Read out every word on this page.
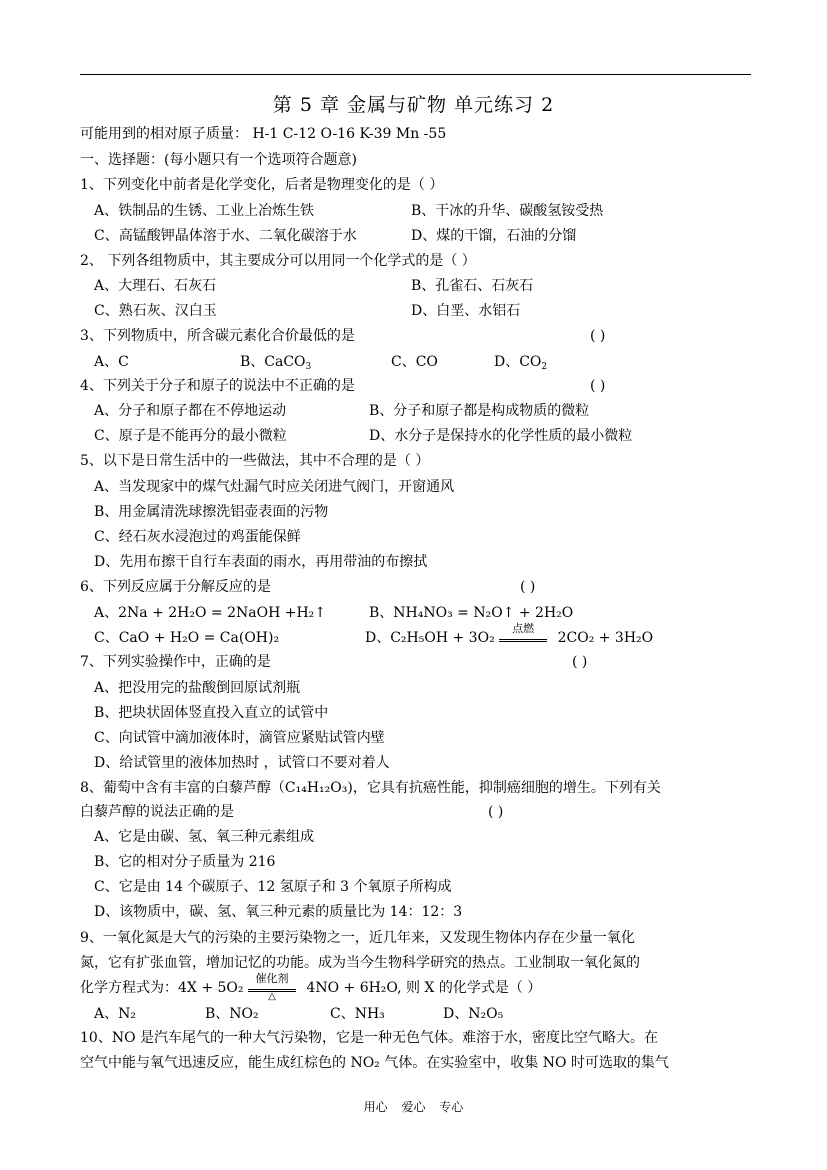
第 5 章 金属与矿物 单元练习 2
可能用到的相对原子质量： H-1 C-12 O-16 K-39 Mn -55
一、选择题：(每小题只有一个选项符合题意)
1、下列变化中前者是化学变化，后者是物理变化的是（ ）
A、铁制品的生锈、工业上冶炼生铁	B、干冰的升华、碳酸氢铵受热
C、高锰酸钾晶体溶于水、二氧化碳溶于水	D、煤的干馏，石油的分馏
2、 下列各组物质中，其主要成分可以用同一个化学式的是（ ）
A、大理石、石灰石	B、孔雀石、石灰石
C、熟石灰、汉白玉	D、白垩、水铝石
3、下列物质中，所含碳元素化合价最低的是	( )
A、C	B、CaCO$_3$	C、CO	D、$CO_2$
4、下列关于分子和原子的说法中不正确的是	( )
A、分子和原子都在不停地运动	B、分子和原子都是构成物质的微粒
C、原子是不能再分的最小微粒	D、水分子是保持水的化学性质的最小微粒
5、以下是日常生活中的一些做法，其中不合理的是（ ）
A、当发现家中的煤气灶漏气时应关闭进气阀门，开窗通风
B、用金属清洗球擦洗铝壶表面的污物
C、经石灰水浸泡过的鸡蛋能保鲜
D、先用布擦干自行车表面的雨水，再用带油的布擦拭
6、下列反应属于分解反应的是	( )
A、2Na + 2H₂O = 2NaOH +H₂↑	B、NH₄NO₃ = N₂O↑ + 2H₂O
C、CaO + H₂O = Ca(OH)₂	D、C₂H₅OH + 3O₂
点燃
2CO₂ + 3H₂O
7、下列实验操作中，正确的是	( )
A、把没用完的盐酸倒回原试剂瓶
B、把块状固体竖直投入直立的试管中
C、向试管中滴加液体时，滴管应紧贴试管内壁
D、给试管里的液体加热时 ，试管口不要对着人
8、葡萄中含有丰富的白藜芦醇（C₁₄H₁₂O₃)，它具有抗癌性能，抑制癌细胞的增生。下列有关
白藜芦醇的说法正确的是	( )
A、它是由碳、氢、氧三种元素组成
B、它的相对分子质量为 216
C、它是由 14 个碳原子、12 氢原子和 3 个氧原子所构成
D、该物质中，碳、氢、氧三种元素的质量比为 14：12：3
9、一氧化氮是大气的污染的主要污染物之一，近几年来，又发现生物体内存在少量一氧化
氮，它有扩张血管，增加记忆的功能。成为当今生物科学研究的热点。工业制取一氧化氮的
化学方程式为：4X + 5O₂
催化剂
△
4NO + 6H₂O, 则 X 的化学式是（ ）
A、N₂	B、NO₂	C、NH₃	D、N₂O₅
10、NO 是汽车尾气的一种大气污染物，它是一种无色气体。难溶于水，密度比空气略大。在
空气中能与氧气迅速反应，能生成红棕色的 NO₂ 气体。在实验室中，收集 NO 时可选取的集气
用心 爱心 专心
